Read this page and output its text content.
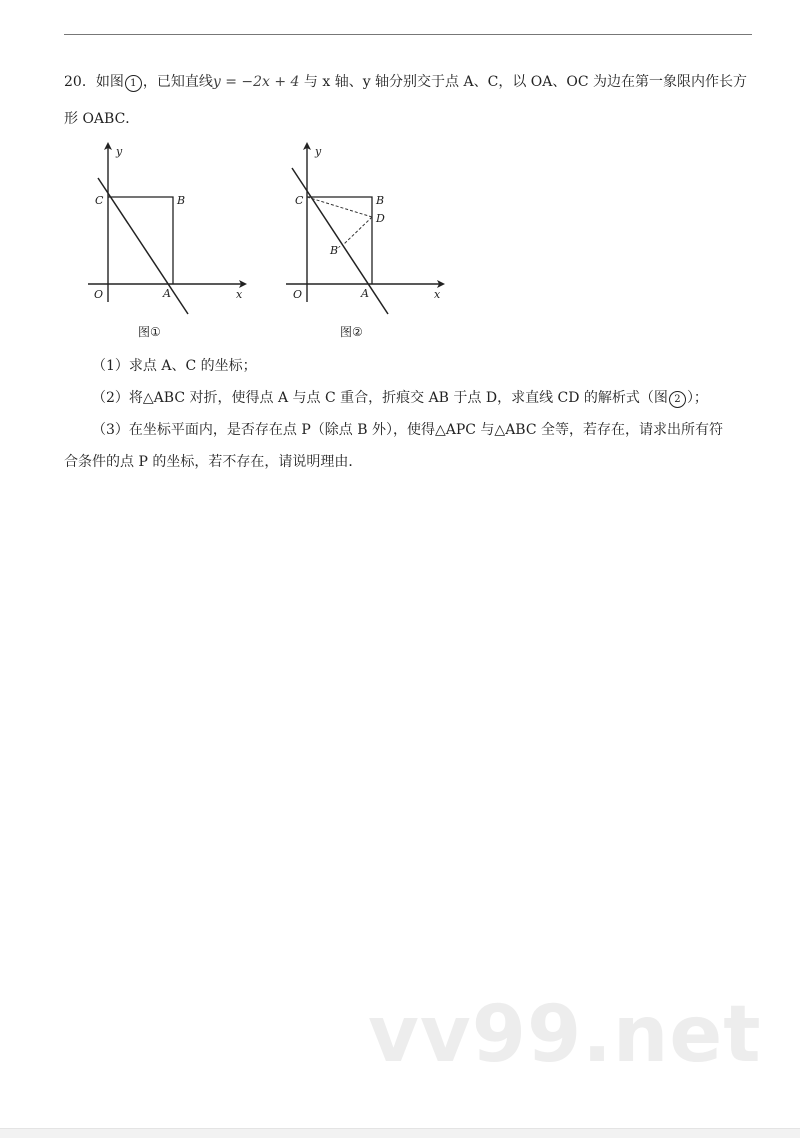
20．如图 1 ，已知直线y = −2x + 4 与 x 轴、y 轴分别交于点 A、C，以 OA、OC 为边在第一象限内作长方
形 OABC．
y
x
O	A
B
C
图①
y
x
O	A
B
C
D
B′
图②
（1）求点 A、C 的坐标；
（2）将△ABC 对折，使得点 A 与点 C 重合，折痕交 AB 于点 D，求直线 CD 的解析式（图 2 ）；
（3）在坐标平面内，是否存在点 P（除点 B 外），使得△APC 与△ABC 全等，若存在，请求出所有符
合条件的点 P 的坐标，若不存在，请说明理由．
vv99.net
